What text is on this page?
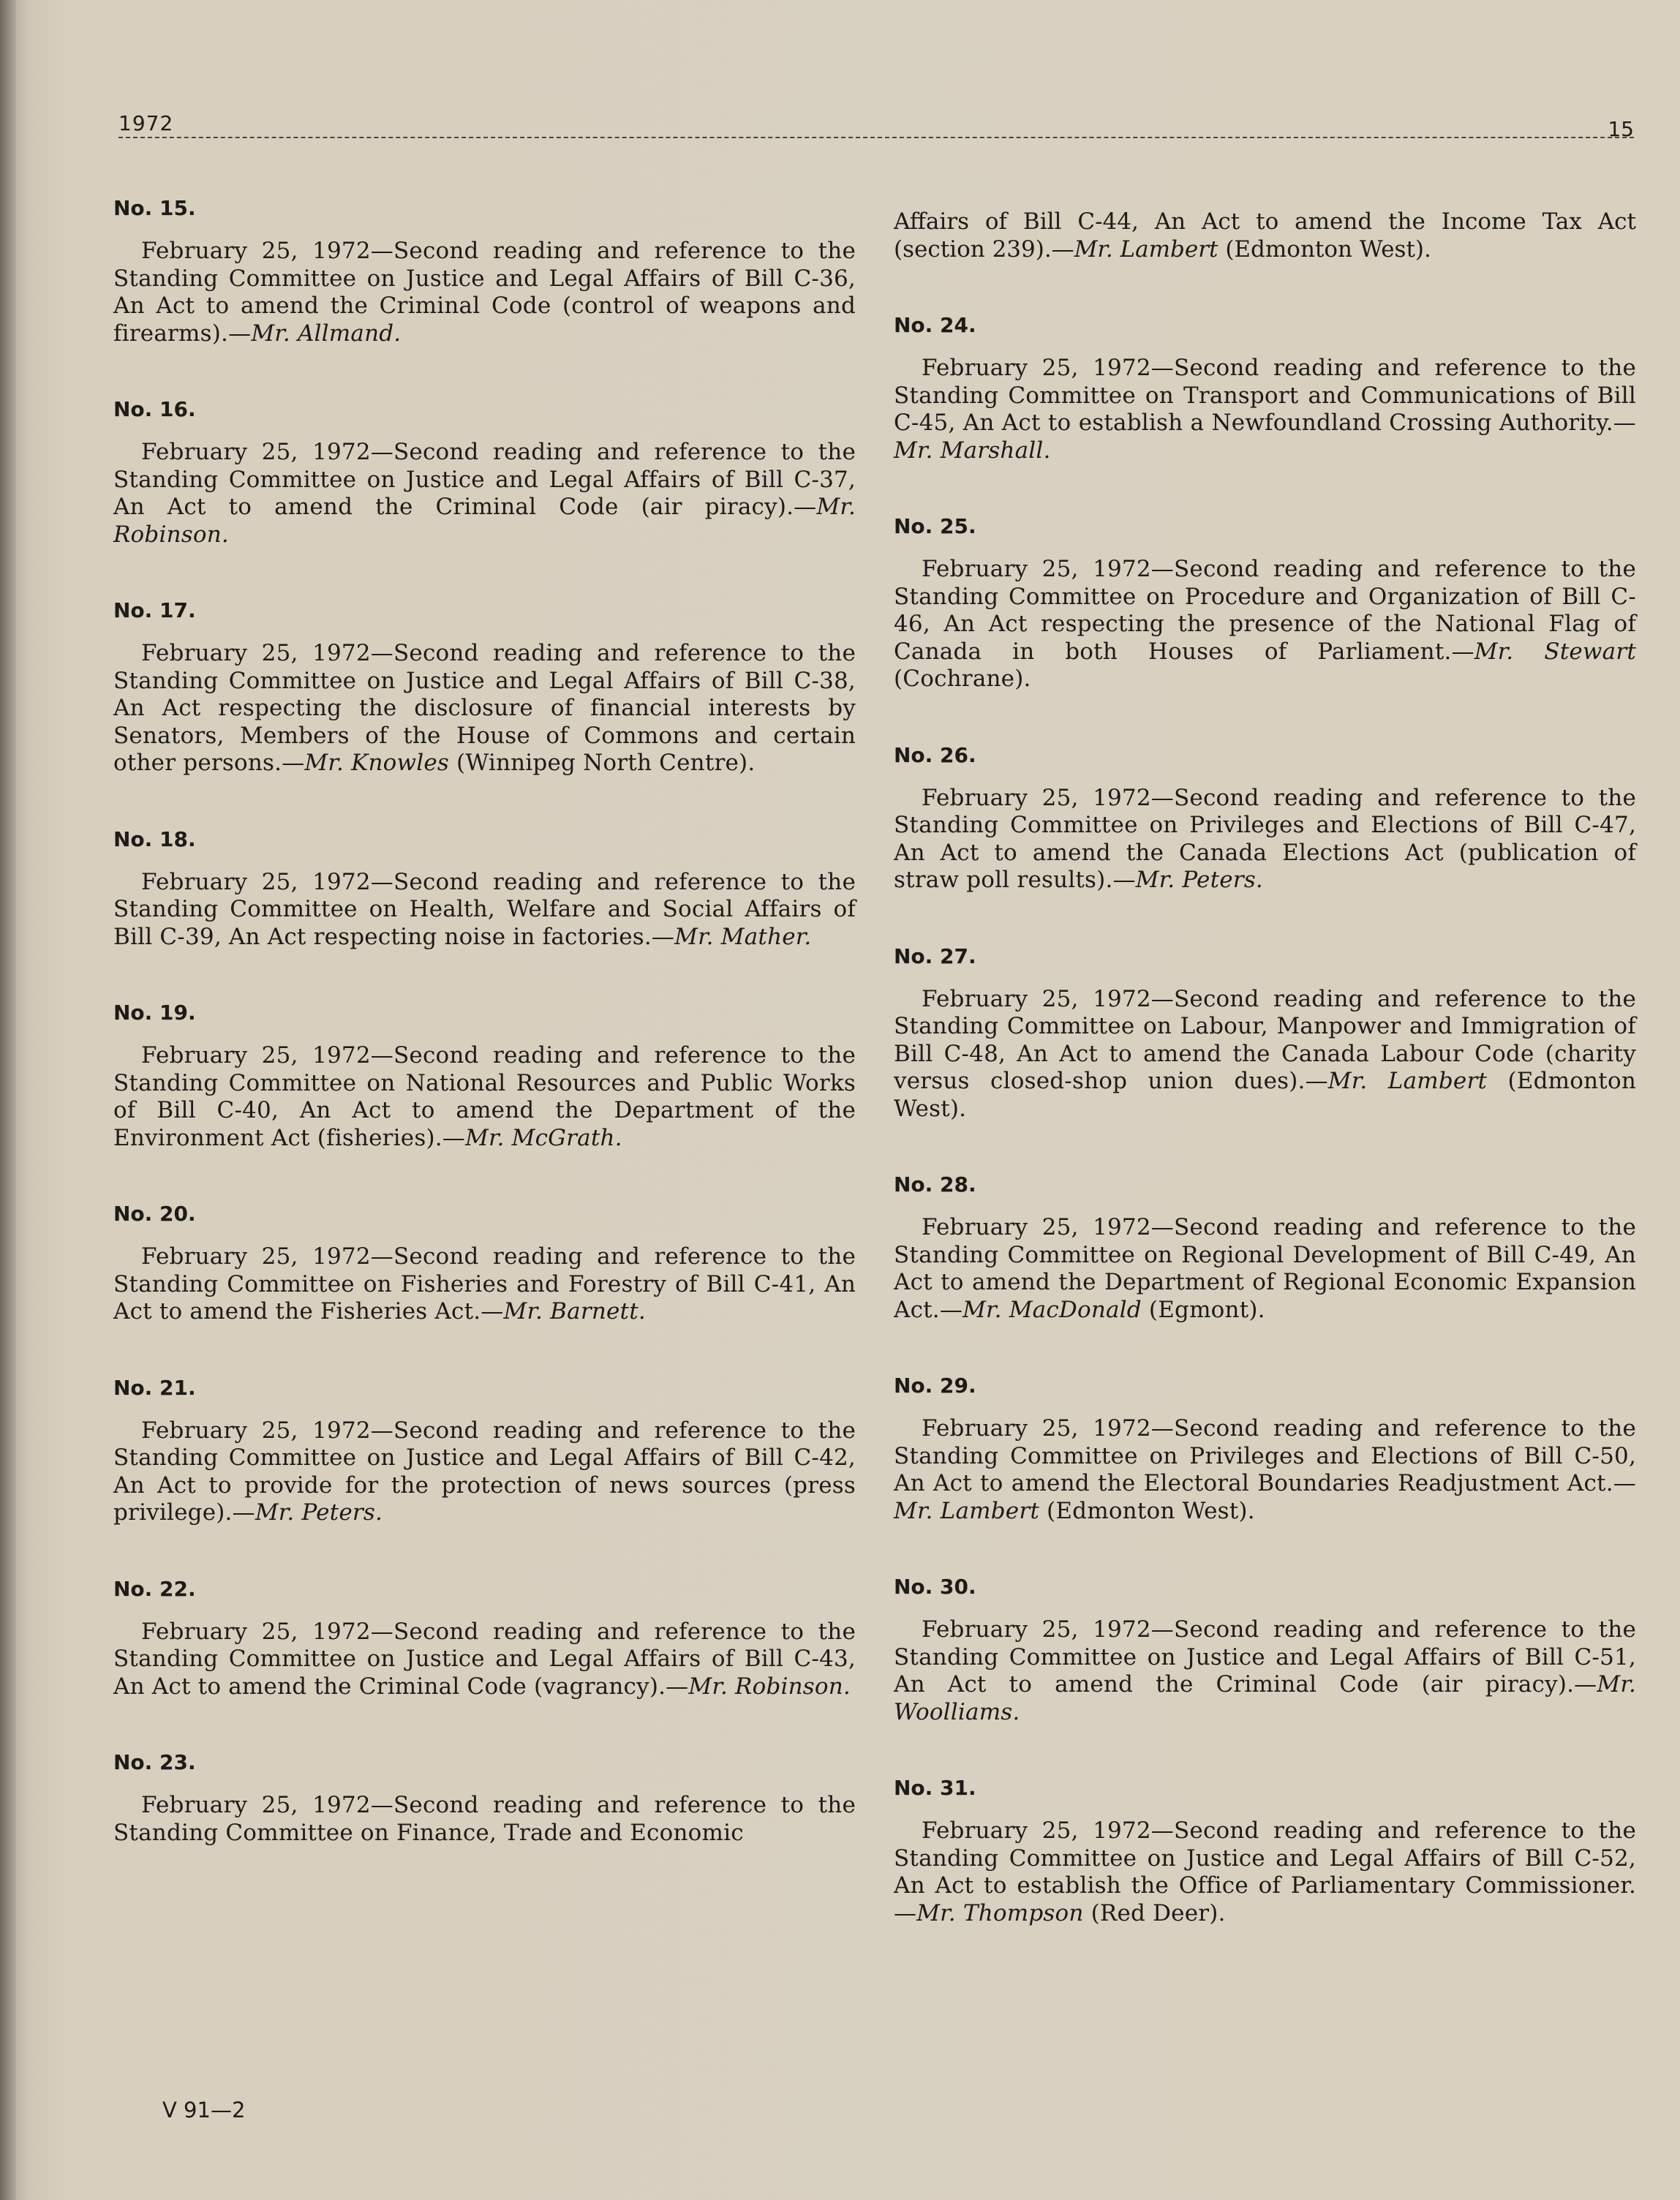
1972	15
No. 15.

February 25, 1972—Second reading and reference to the Standing Committee on Justice and Legal Affairs of Bill C-36, An Act to amend the Criminal Code (control of weapons and firearms).—Mr. Allmand.

No. 16.

February 25, 1972—Second reading and reference to the Standing Committee on Justice and Legal Affairs of Bill C-37, An Act to amend the Criminal Code (air piracy).—Mr. Robinson.

No. 17.

February 25, 1972—Second reading and reference to the Standing Committee on Justice and Legal Affairs of Bill C-38, An Act respecting the disclosure of financial interests by Senators, Members of the House of Commons and certain other persons.—Mr. Knowles (Winnipeg North Centre).

No. 18.

February 25, 1972—Second reading and reference to the Standing Committee on Health, Welfare and Social Affairs of Bill C-39, An Act respecting noise in factories.—Mr. Mather.

No. 19.

February 25, 1972—Second reading and reference to the Standing Committee on National Resources and Public Works of Bill C-40, An Act to amend the Department of the Environment Act (fisheries).—Mr. McGrath.

No. 20.

February 25, 1972—Second reading and reference to the Standing Committee on Fisheries and Forestry of Bill C-41, An Act to amend the Fisheries Act.—Mr. Barnett.

No. 21.

February 25, 1972—Second reading and reference to the Standing Committee on Justice and Legal Affairs of Bill C-42, An Act to provide for the protection of news sources (press privilege).—Mr. Peters.

No. 22.

February 25, 1972—Second reading and reference to the Standing Committee on Justice and Legal Affairs of Bill C-43, An Act to amend the Criminal Code (vagrancy).—Mr. Robinson.

No. 23.

February 25, 1972—Second reading and reference to the Standing Committee on Finance, Trade and Economic

Affairs of Bill C-44, An Act to amend the Income Tax Act (section 239).—Mr. Lambert (Edmonton West).

No. 24.

February 25, 1972—Second reading and reference to the Standing Committee on Transport and Communications of Bill C-45, An Act to establish a Newfoundland Crossing Authority.—Mr. Marshall.

No. 25.

February 25, 1972—Second reading and reference to the Standing Committee on Procedure and Organization of Bill C-46, An Act respecting the presence of the National Flag of Canada in both Houses of Parliament.—Mr. Stewart (Cochrane).

No. 26.

February 25, 1972—Second reading and reference to the Standing Committee on Privileges and Elections of Bill C-47, An Act to amend the Canada Elections Act (publication of straw poll results).—Mr. Peters.

No. 27.

February 25, 1972—Second reading and reference to the Standing Committee on Labour, Manpower and Immigration of Bill C-48, An Act to amend the Canada Labour Code (charity versus closed-shop union dues).—Mr. Lambert (Edmonton West).

No. 28.

February 25, 1972—Second reading and reference to the Standing Committee on Regional Development of Bill C-49, An Act to amend the Department of Regional Economic Expansion Act.—Mr. MacDonald (Egmont).

No. 29.

February 25, 1972—Second reading and reference to the Standing Committee on Privileges and Elections of Bill C-50, An Act to amend the Electoral Boundaries Readjustment Act.—Mr. Lambert (Edmonton West).

No. 30.

February 25, 1972—Second reading and reference to the Standing Committee on Justice and Legal Affairs of Bill C-51, An Act to amend the Criminal Code (air piracy).—Mr. Woolliams.

No. 31.

February 25, 1972—Second reading and reference to the Standing Committee on Justice and Legal Affairs of Bill C-52, An Act to establish the Office of Parliamentary Commissioner.—Mr. Thompson (Red Deer).

V 91—2
